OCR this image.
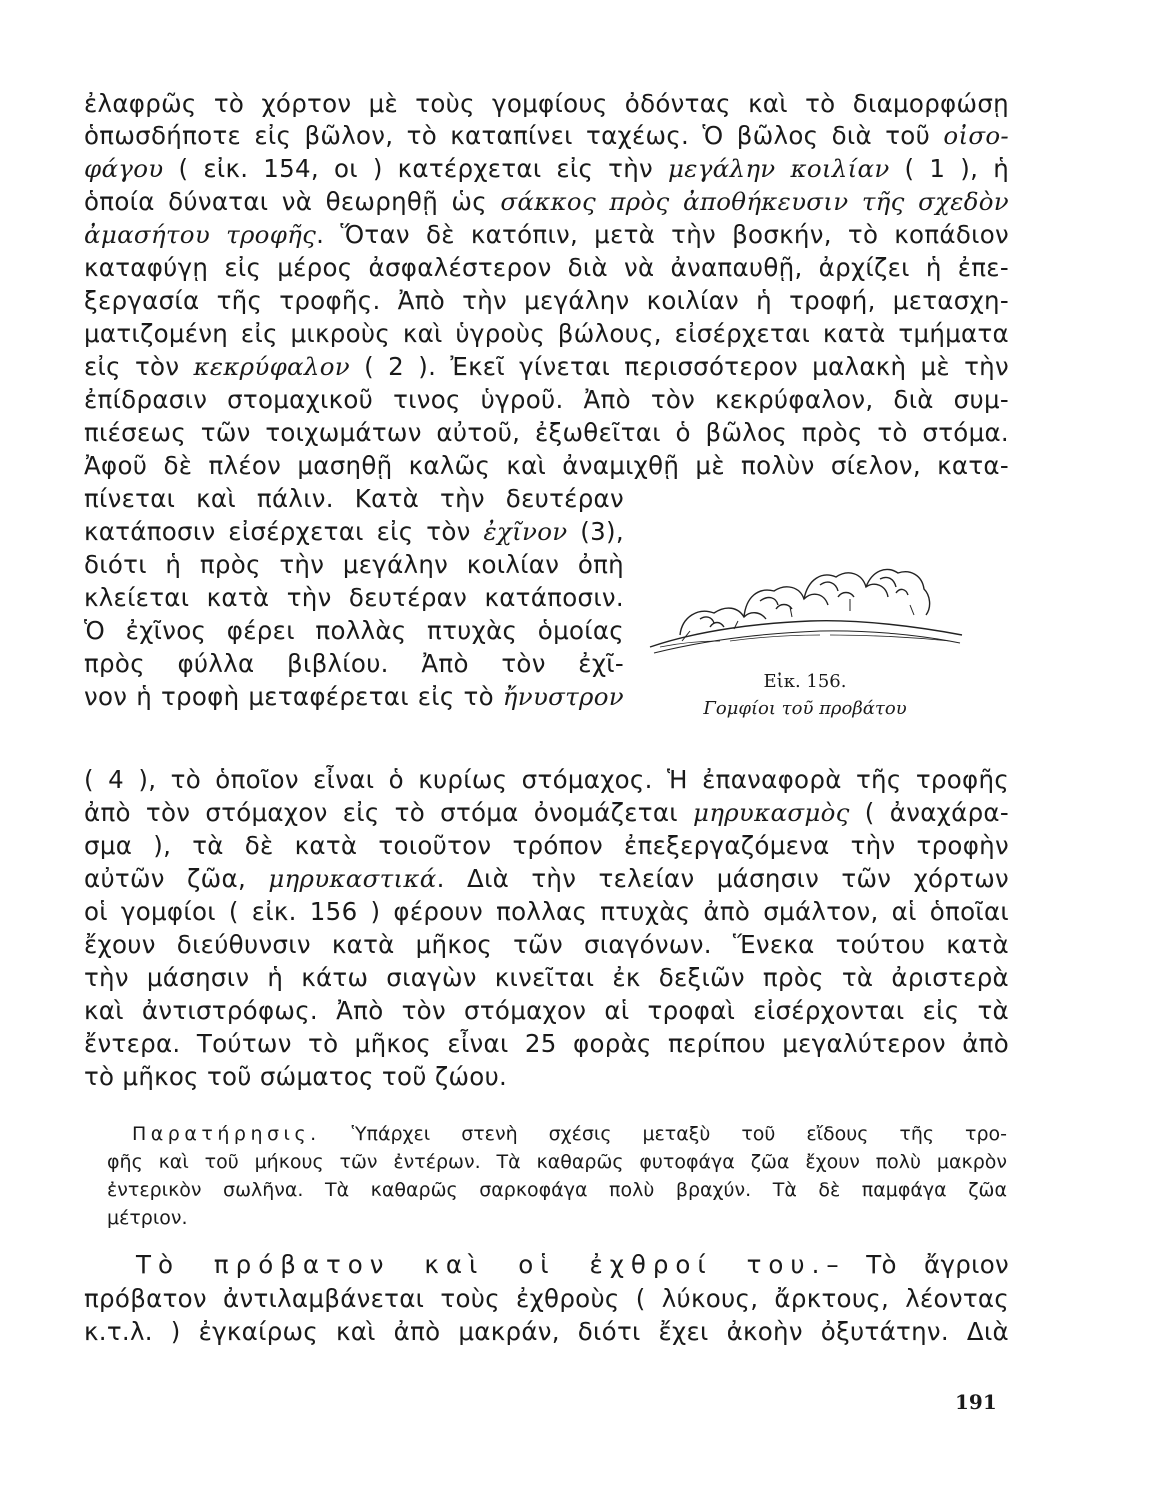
ἐλαφρῶς τὸ χόρτον μὲ τοὺς γομφίους ὀδόντας καὶ τὸ διαμορφώσῃ
ὁπωσδήποτε εἰς βῶλον, τὸ καταπίνει ταχέως. Ὁ βῶλος διὰ τοῦ οἰσο-
φάγου ( εἰκ. 154, οι ) κατέρχεται εἰς τὴν μεγάλην κοιλίαν ( 1 ), ἡ
ὁποία δύναται νὰ θεωρηθῇ ὡς σάκκος πρὸς ἀποθήκευσιν τῆς σχεδὸν
ἀμασήτου τροφῆς. Ὅταν δὲ κατόπιν, μετὰ τὴν βοσκήν, τὸ κοπάδιον
καταφύγῃ εἰς μέρος ἀσφαλέστερον διὰ νὰ ἀναπαυθῇ, ἀρχίζει ἡ ἐπε-
ξεργασία τῆς τροφῆς. Ἀπὸ τὴν μεγάλην κοιλίαν ἡ τροφή, μετασχη-
ματιζομένη εἰς μικροὺς καὶ ὑγροὺς βώλους, εἰσέρχεται κατὰ τμήματα
εἰς τὸν κεκρύφαλον ( 2 ). Ἐκεῖ γίνεται περισσότερον μαλακὴ μὲ τὴν
ἐπίδρασιν στομαχικοῦ τινος ὑγροῦ. Ἀπὸ τὸν κεκρύφαλον, διὰ συμ-
πιέσεως τῶν τοιχωμάτων αὐτοῦ, ἐξωθεῖται ὁ βῶλος πρὸς τὸ στόμα.
Ἀφοῦ δὲ πλέον μασηθῇ καλῶς καὶ ἀναμιχθῇ μὲ πολὺν σίελον, κατα-
πίνεται καὶ πάλιν. Κατὰ τὴν δευτέραν
κατάποσιν εἰσέρχεται εἰς τὸν ἐχῖνον (3),
διότι ἡ πρὸς τὴν μεγάλην κοιλίαν ὀπὴ
κλείεται κατὰ τὴν δευτέραν κατάποσιν.
Ὁ ἐχῖνος φέρει πολλὰς πτυχὰς ὁμοίας
πρὸς φύλλα βιβλίου. Ἀπὸ τὸν ἐχῖ-
νον ἡ τροφὴ μεταφέρεται εἰς τὸ ἤνυστρον
Εἰκ. 156.
Γομφίοι τοῦ προβάτου
( 4 ), τὸ ὁποῖον εἶναι ὁ κυρίως στόμαχος. Ἡ ἐπαναφορὰ τῆς τροφῆς
ἀπὸ τὸν στόμαχον εἰς τὸ στόμα ὀνομάζεται μηρυκασμὸς ( ἀναχάρα-
σμα ), τὰ δὲ κατὰ τοιοῦτον τρόπον ἐπεξεργαζόμενα τὴν τροφὴν
αὐτῶν ζῶα, μηρυκαστικά. Διὰ τὴν τελείαν μάσησιν τῶν χόρτων
οἱ γομφίοι ( εἰκ. 156 ) φέρουν πολλας πτυχὰς ἀπὸ σμάλτον, αἱ ὁποῖαι
ἔχουν διεύθυνσιν κατὰ μῆκος τῶν σιαγόνων. Ἕνεκα τούτου κατὰ
τὴν μάσησιν ἡ κάτω σιαγὼν κινεῖται ἐκ δεξιῶν πρὸς τὰ ἀριστερὰ
καὶ ἀντιστρόφως. Ἀπὸ τὸν στόμαχον αἱ τροφαὶ εἰσέρχονται εἰς τὰ
ἔντερα. Τούτων τὸ μῆκος εἶναι 25 φορὰς περίπου μεγαλύτερον ἀπὸ
τὸ μῆκος τοῦ σώματος τοῦ ζώου.
Παρατήρησις. Ὑπάρχει στενὴ σχέσις μεταξὺ τοῦ εἴδους τῆς τρο-
φῆς καὶ τοῦ μήκους τῶν ἐντέρων. Τὰ καθαρῶς φυτοφάγα ζῶα ἔχουν πολὺ μακρὸν
ἐντερικὸν σωλῆνα. Τὰ καθαρῶς σαρκοφάγα πολὺ βραχύν. Τὰ δὲ παμφάγα ζῶα
μέτριον.
Τὸ πρόβατον καὶ οἱ ἐχθροί του.– Τὸ ἄγριον
πρόβατον ἀντιλαμβάνεται τοὺς ἐχθροὺς ( λύκους, ἄρκτους, λέοντας
κ.τ.λ. ) ἐγκαίρως καὶ ἀπὸ μακράν, διότι ἔχει ἀκοὴν ὀξυτάτην. Διὰ
191
